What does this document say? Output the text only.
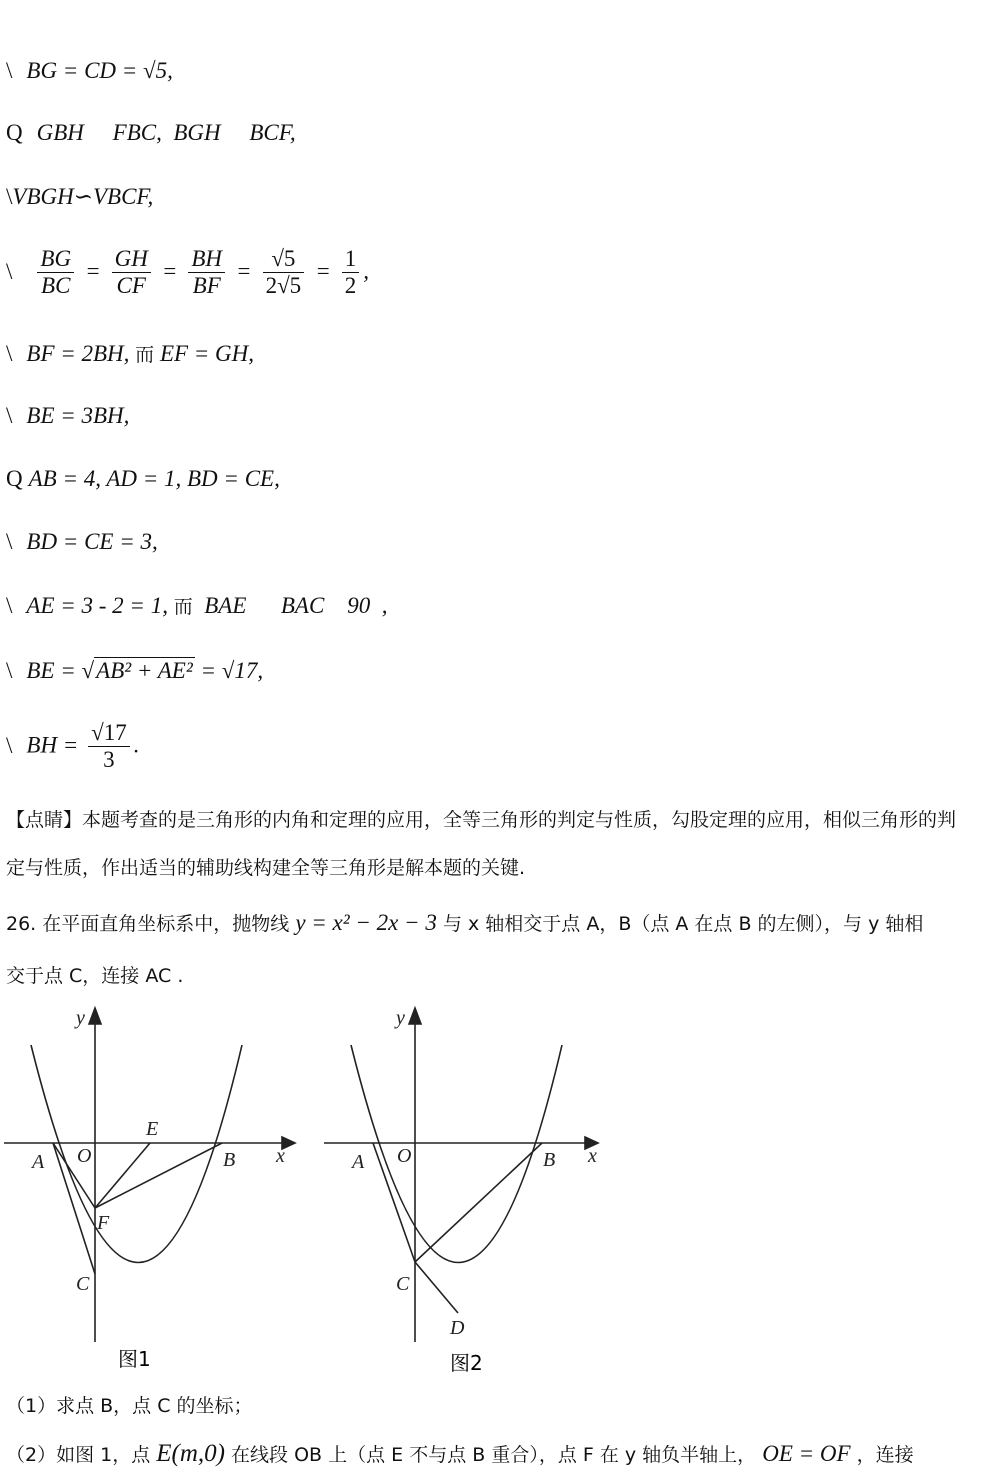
\ BG = CD = √5,
Q GBH     FBC,  BGH     BCF,
\VBGH∽VBCF,
\ $\frac{BG}{BC} = \frac{GH}{CF} = \frac{BH}{BF} = \frac{√5}{2√5} = \frac{1}{2}$ ,
\ BF = 2BH, 而 EF = GH,
\ BE = 3BH,
Q AB = 4, AD = 1, BD = CE,
\ BD = CE = 3,
\ AE = 3 - 2 = 1, 而  BAE      BAC    90  ,
\ BE = √AB² + AE² = √17,
\ BH = $\frac{√17}{3}$ .
【点睛】本题考查的是三角形的内角和定理的应用，全等三角形的判定与性质，勾股定理的应用，相似三角形的判定与性质，作出适当的辅助线构建全等三角形是解本题的关键.
26. 在平面直角坐标系中，抛物线 y = x² − 2x − 3 与 x 轴相交于点 A，B（点 A 在点 B 的左侧），与 y 轴相
交于点 C，连接 AC .
y
x
O
A	B
E
F
C
图1
y
x
O
A	B
C
D
图2
（1）求点 B，点 C 的坐标；
（2）如图 1，点 E(m,0) 在线段 OB 上（点 E 不与点 B 重合），点 F 在 y 轴负半轴上， OE = OF ，连接
